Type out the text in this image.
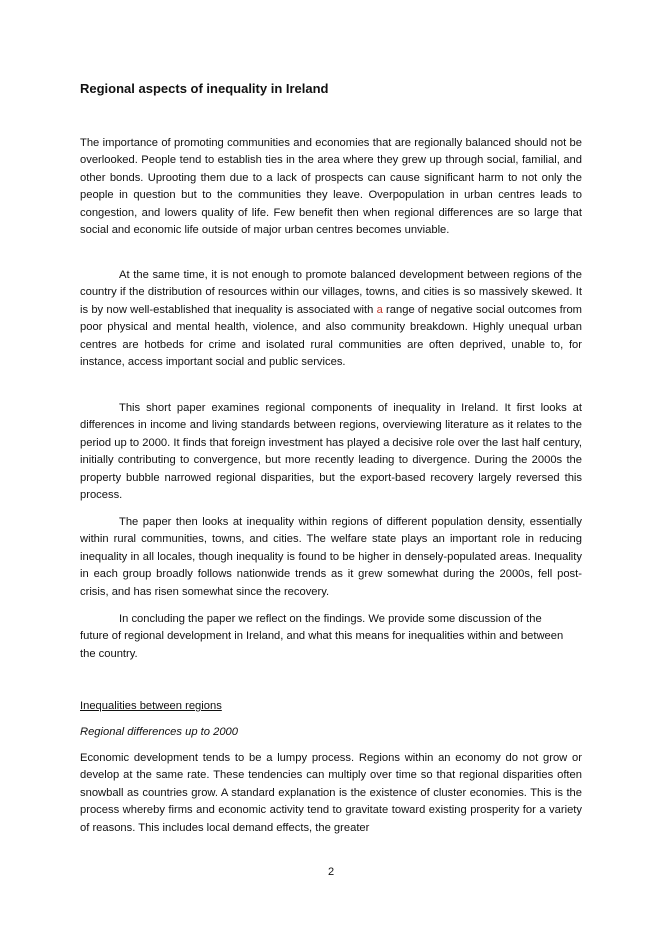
Regional aspects of inequality in Ireland

The importance of promoting communities and economies that are regionally balanced should not be overlooked. People tend to establish ties in the area where they grew up through social, familial, and other bonds. Uprooting them due to a lack of prospects can cause significant harm to not only the people in question but to the communities they leave. Overpopulation in urban centres leads to congestion, and lowers quality of life. Few benefit then when regional differences are so large that social and economic life outside of major urban centres becomes unviable.

At the same time, it is not enough to promote balanced development between regions of the country if the distribution of resources within our villages, towns, and cities is so massively skewed. It is by now well-established that inequality is associated with a range of negative social outcomes from poor physical and mental health, violence, and also community breakdown. Highly unequal urban centres are hotbeds for crime and isolated rural communities are often deprived, unable to, for instance, access important social and public services.

This short paper examines regional components of inequality in Ireland. It first looks at differences in income and living standards between regions, overviewing literature as it relates to the period up to 2000. It finds that foreign investment has played a decisive role over the last half century, initially contributing to convergence, but more recently leading to divergence. During the 2000s the property bubble narrowed regional disparities, but the export-based recovery largely reversed this process.

The paper then looks at inequality within regions of different population density, essentially within rural communities, towns, and cities. The welfare state plays an important role in reducing inequality in all locales, though inequality is found to be higher in densely-populated areas. Inequality in each group broadly follows nationwide trends as it grew somewhat during the 2000s, fell post-crisis, and has risen somewhat since the recovery.

In concluding the paper we reflect on the findings. We provide some discussion of the future of regional development in Ireland, and what this means for inequalities within and between the country.

Inequalities between regions
Regional differences up to 2000

Economic development tends to be a lumpy process. Regions within an economy do not grow or develop at the same rate. These tendencies can multiply over time so that regional disparities often snowball as countries grow. A standard explanation is the existence of cluster economies. This is the process whereby firms and economic activity tend to gravitate toward existing prosperity for a variety of reasons. This includes local demand effects, the greater

2
